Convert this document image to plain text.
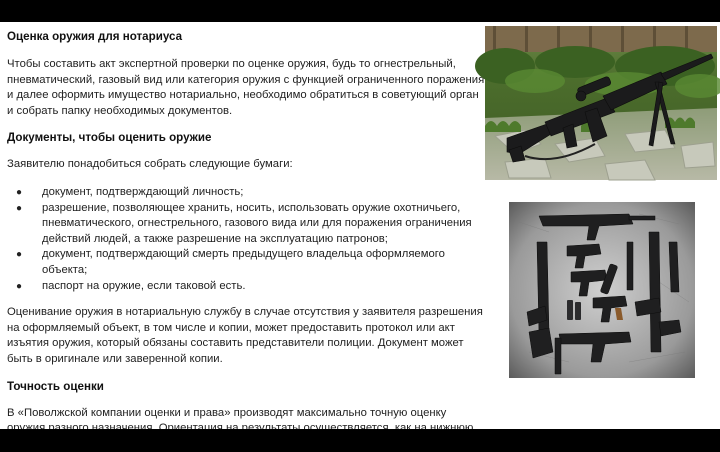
Оценка оружия для нотариуса

Чтобы составить акт экспертной проверки по оценке оружия, будь то огнестрельный, пневматический, газовый вид или категория оружия с функцией ограниченного поражения и далее оформить имущество нотариально, необходимо обратиться в советующий орган и собрать папку необходимых документов.

Документы, чтобы оценить оружие

Заявителю понадобиться собрать следующие бумаги:

● документ, подтверждающий личность;
● разрешение, позволяющее хранить, носить, использовать оружие охотничьего, пневматического, огнестрельного, газового вида или для поражения ограничения действий людей, а также разрешение на эксплуатацию патронов;
● документ, подтверждающий смерть предыдущего владельца оформляемого объекта;
● паспорт на оружие, если таковой есть.

Оценивание оружия в нотариальную службу в случае отсутствия у заявителя разрешения на оформляемый объект, в том числе и копии, может предоставить протокол или акт изъятия оружия, который обязаны составить представители полиции. Документ может быть в оригинале или заверенной копии.

Точность оценки

В «Поволжской компании оценки и права» производят максимально точную оценку
